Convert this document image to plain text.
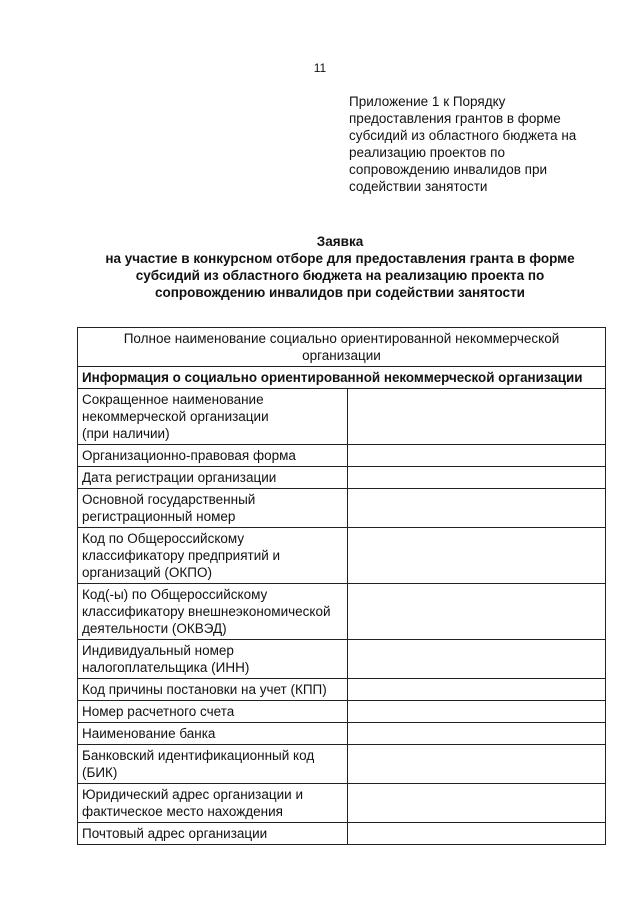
11
Приложение 1 к Порядку
предоставления грантов в форме
субсидий из областного бюджета на
реализацию проектов по
сопровождению инвалидов при
содействии занятости
Заявка
на участие в конкурсном отборе для предоставления гранта в форме
субсидий из областного бюджета на реализацию проекта по
сопровождению инвалидов при содействии занятости
Полное наименование социально ориентированной некоммерческой
организации	

Информация о социально ориентированной некоммерческой организации	

Сокращенное наименование
некоммерческой организации
(при наличии)	

Организационно-правовая форма	

Дата регистрации организации	

Основной государственный
регистрационный номер	

Код по Общероссийскому
классификатору предприятий и
организаций (ОКПО)	

Код(-ы) по Общероссийскому
классификатору внешнеэкономической
деятельности (ОКВЭД)	

Индивидуальный номер
налогоплательщика (ИНН)	

Код причины постановки на учет (КПП)	

Номер расчетного счета	

Наименование банка	

Банковский идентификационный код
(БИК)	

Юридический адрес организации и
фактическое место нахождения	

Почтовый адрес организации	
